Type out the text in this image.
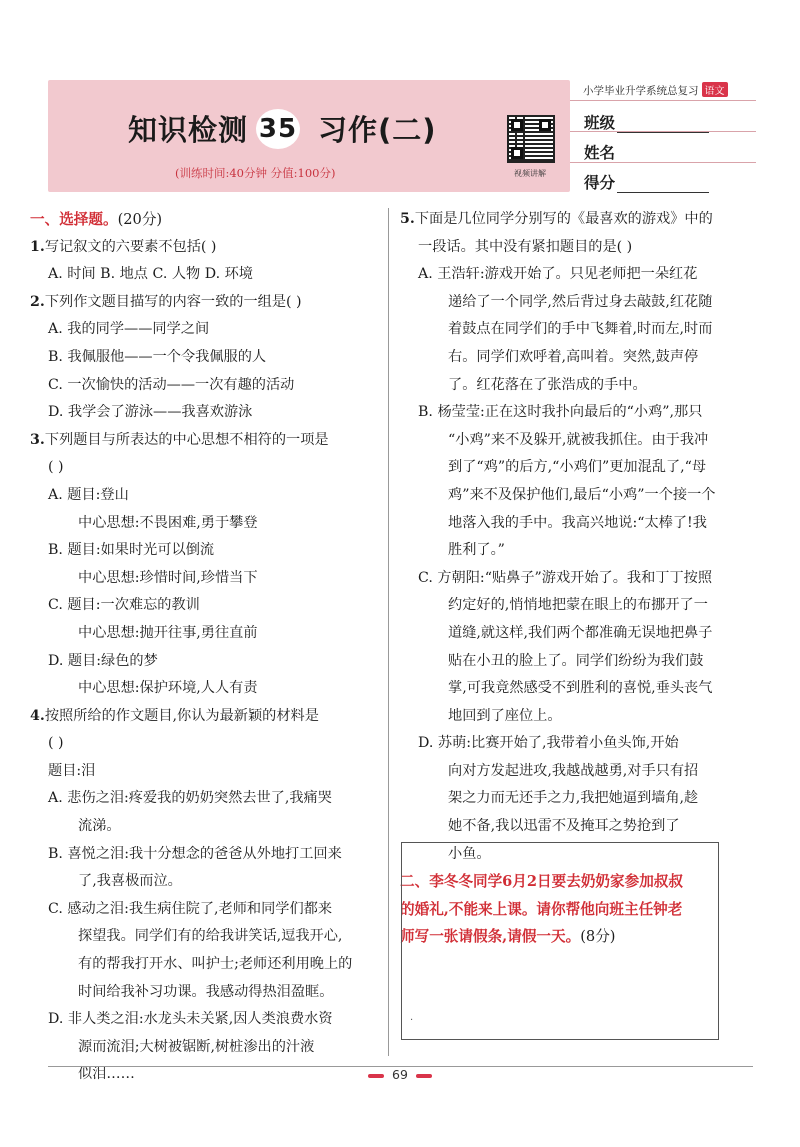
知识检测 35 习作(二)
(训练时间:40分钟 分值:100分)	视频讲解
小学毕业升学系统总复习 语文
班级
姓名
得分
一、选择题。(20分)
1.写记叙文的六要素不包括( )
A. 时间 B. 地点 C. 人物 D. 环境
2.下列作文题目描写的内容一致的一组是( )
A. 我的同学——同学之间
B. 我佩服他——一个令我佩服的人
C. 一次愉快的活动——一次有趣的活动
D. 我学会了游泳——我喜欢游泳
3.下列题目与所表达的中心思想不相符的一项是
( )
A. 题目:登山
中心思想:不畏困难,勇于攀登
B. 题目:如果时光可以倒流
中心思想:珍惜时间,珍惜当下
C. 题目:一次难忘的教训
中心思想:抛开往事,勇往直前
D. 题目:绿色的梦
中心思想:保护环境,人人有责
4.按照所给的作文题目,你认为最新颖的材料是
( )
题目:泪
A. 悲伤之泪:疼爱我的奶奶突然去世了,我痛哭
流涕。
B. 喜悦之泪:我十分想念的爸爸从外地打工回来
了,我喜极而泣。
C. 感动之泪:我生病住院了,老师和同学们都来
探望我。同学们有的给我讲笑话,逗我开心,
有的帮我打开水、叫护士;老师还利用晚上的
时间给我补习功课。我感动得热泪盈眶。
D. 非人类之泪:水龙头未关紧,因人类浪费水资
源而流泪;大树被锯断,树桩渗出的汁液
似泪……
5.下面是几位同学分别写的《最喜欢的游戏》中的
一段话。其中没有紧扣题目的是( )
A. 王浩轩:游戏开始了。只见老师把一朵红花
递给了一个同学,然后背过身去敲鼓,红花随
着鼓点在同学们的手中飞舞着,时而左,时而
右。同学们欢呼着,高叫着。突然,鼓声停
了。红花落在了张浩成的手中。
B. 杨莹莹:正在这时我扑向最后的“小鸡”,那只
“小鸡”来不及躲开,就被我抓住。由于我冲
到了“鸡”的后方,“小鸡们”更加混乱了,“母
鸡”来不及保护他们,最后“小鸡”一个接一个
地落入我的手中。我高兴地说:“太棒了!我
胜利了。”
C. 方朝阳:“贴鼻子”游戏开始了。我和丁丁按照
约定好的,悄悄地把蒙在眼上的布挪开了一
道缝,就这样,我们两个都准确无误地把鼻子
贴在小丑的脸上了。同学们纷纷为我们鼓
掌,可我竟然感受不到胜利的喜悦,垂头丧气
地回到了座位上。
D. 苏萌:比赛开始了,我带着小鱼头饰,开始
向对方发起进攻,我越战越勇,对手只有招
架之力而无还手之力,我把她逼到墙角,趁
她不备,我以迅雷不及掩耳之势抢到了
小鱼。
二、李冬冬同学6月2日要去奶奶家参加叔叔
的婚礼,不能来上课。请你帮他向班主任钟老
师写一张请假条,请假一天。(8分)
·
69
